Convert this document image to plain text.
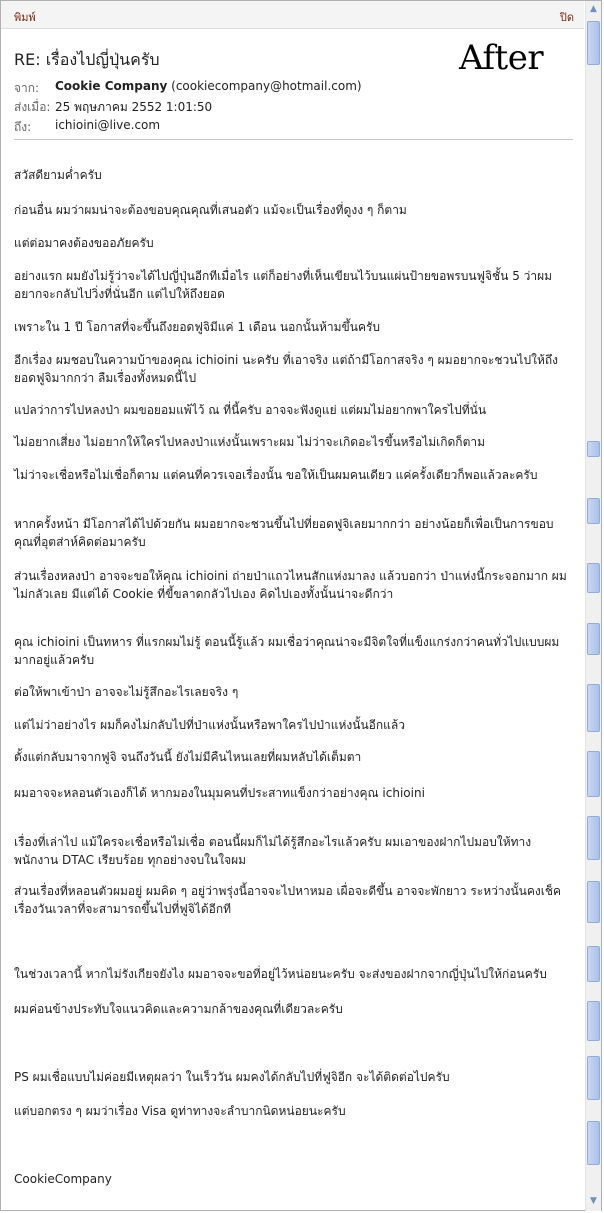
พิมพ์	ปิด
RE: เรื่องไปญี่ปุ่นครับ	After
จาก: Cookie Company (cookiecompany@hotmail.com)
ส่งเมื่อ: 25 พฤษภาคม 2552 1:01:50
ถึง: ichioini@live.com
สวัสดียามค่ำครับ
ก่อนอื่น ผมว่าผมน่าจะต้องขอบคุณคุณที่เสนอตัว แม้จะเป็นเรื่องที่ดูงง ๆ ก็ตาม
แต่ต่อมาคงต้องขออภัยครับ
อย่างแรก ผมยังไม่รู้ว่าจะได้ไปญี่ปุ่นอีกทีเมื่อไร แต่ก็อย่างที่เห็นเขียนไว้บนแผ่นป้ายขอพรบนฟูจิชั้น 5 ว่าผม อยากจะกลับไปวิ่งที่นั่นอีก แต่ไปให้ถึงยอด
เพราะใน 1 ปี โอกาสที่จะขึ้นถึงยอดฟูจิมีแค่ 1 เดือน นอกนั้นห้ามขึ้นครับ
อีกเรื่อง ผมชอบในความบ้าของคุณ ichioini นะครับ ที่เอาจริง แต่ถ้ามีโอกาสจริง ๆ ผมอยากจะชวนไปให้ถึง ยอดฟูจิมากกว่า ลืมเรื่องทั้งหมดนี้ไป
แปลว่าการไปหลงป่า ผมขอยอมแพ้ไว้ ณ ที่นี้ครับ อาจจะฟังดูแย่ แต่ผมไม่อยากพาใครไปที่นั่น
ไม่อยากเสี่ยง ไม่อยากให้ใครไปหลงป่าแห่งนั้นเพราะผม ไม่ว่าจะเกิดอะไรขึ้นหรือไม่เกิดก็ตาม
ไม่ว่าจะเชื่อหรือไม่เชื่อก็ตาม แต่คนที่ควรเจอเรื่องนั้น ขอให้เป็นผมคนเดียว แค่ครั้งเดียวก็พอแล้วละครับ
หากครั้งหน้า มีโอกาสได้ไปด้วยกัน ผมอยากจะชวนขึ้นไปที่ยอดฟูจิเลยมากกว่า อย่างน้อยก็เพื่อเป็นการขอบ คุณที่อุตส่าห์คิดต่อมาครับ
ส่วนเรื่องหลงป่า อาจจะขอให้คุณ ichioini ถ่ายป่าแถวไหนสักแห่งมาลง แล้วบอกว่า ป่าแห่งนี้กระจอกมาก ผม ไม่กลัวเลย มีแต่ได้ Cookie ที่ขี้ขลาดกลัวไปเอง คิดไปเองทั้งนั้นน่าจะดีกว่า
คุณ ichioini เป็นทหาร ที่แรกผมไม่รู้ ตอนนี้รู้แล้ว ผมเชื่อว่าคุณน่าจะมีจิตใจที่แข็งแกร่งกว่าคนทั่วไปแบบผม มากอยู่แล้วครับ
ต่อให้พาเข้าป่า อาจจะไม่รู้สึกอะไรเลยจริง ๆ
แต่ไม่ว่าอย่างไร ผมก็คงไม่กลับไปที่ป่าแห่งนั้นหรือพาใครไปป่าแห่งนั้นอีกแล้ว
ตั้งแต่กลับมาจากฟูจิ จนถึงวันนี้ ยังไม่มีคืนไหนเลยที่ผมหลับได้เต็มตา
ผมอาจจะหลอนตัวเองก็ได้ หากมองในมุมคนที่ประสาทแข็งกว่าอย่างคุณ ichioini
เรื่องที่เล่าไป แม้ใครจะเชื่อหรือไม่เชื่อ ตอนนี้ผมก็ไม่ได้รู้สึกอะไรแล้วครับ ผมเอาของฝากไปมอบให้ทาง พนักงาน DTAC เรียบร้อย ทุกอย่างจบในใจผม
ส่วนเรื่องที่หลอนตัวผมอยู่ ผมคิด ๆ อยู่ว่าพรุ่งนี้อาจจะไปหาหมอ เผื่อจะดีขึ้น อาจจะพักยาว ระหว่างนั้นคงเช็ค เรื่องวันเวลาที่จะสามารถขึ้นไปที่ฟูจิได้อีกที
ในช่วงเวลานี้ หากไม่รังเกียจยังไง ผมอาจจะขอที่อยู่ไว้หน่อยนะครับ จะส่งของฝากจากญี่ปุ่นไปให้ก่อนครับ
ผมค่อนข้างประทับใจแนวคิดและความกล้าของคุณที่เดียวละครับ
PS ผมเชื่อแบบไม่ค่อยมีเหตุผลว่า ในเร็ววัน ผมคงได้กลับไปที่ฟูจิอีก จะได้ติดต่อไปครับ
แต่บอกตรง ๆ ผมว่าเรื่อง Visa ดูท่าทางจะลำบากนิดหน่อยนะครับ
CookieCompany
▲
▼
